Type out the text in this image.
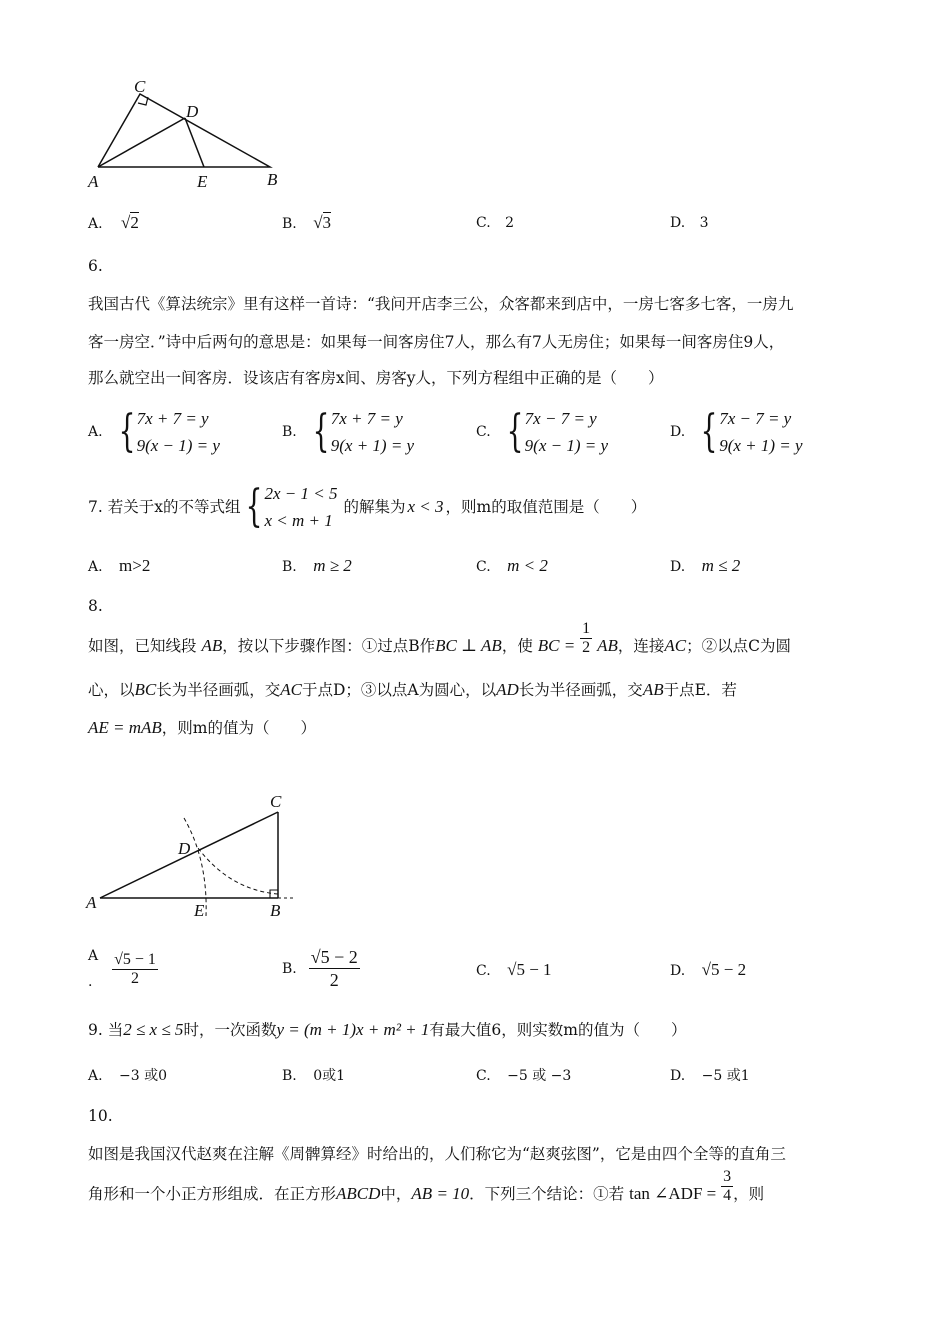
C
D
A	E	B
A. √2	B. √3	C. 2	D. 3
6.
我国古代《算法统宗》里有这样一首诗：“我问开店李三公，众客都来到店中，一房七客多七客，一房九
客一房空．”诗中后两句的意思是：如果每一间客房住7人，那么有7人无房住；如果每一间客房住9人，
那么就空出一间客房．设该店有客房x间、房客y人，下列方程组中正确的是（　　）
A. { 7x + 7 = y
9(x − 1) = y
B. { 7x + 7 = y
9(x + 1) = y
C. { 7x − 7 = y
9(x − 1) = y
D. { 7x − 7 = y
9(x + 1) = y
7. 若关于x的不等式组 { 2x − 1 < 5
x < m + 1
的解集为 x < 3 ，则m的取值范围是（　　）
A. m>2	B. m ≥ 2	C. m < 2	D. m ≤ 2
8.
如图，已知线段 AB，按以下步骤作图：①过点B作BC ⊥ AB，使 BC = $\frac{1}{2}$ AB，连接AC；②以点C为圆
心，以BC长为半径画弧，交AC于点D；③以点A为圆心，以AD长为半径画弧，交AB于点E．若
AE = mAB，则m的值为（　　）
C
D
A	E	B
A
.	$\frac{√5 - 1}{2}$	B. $\frac{√5 - 2}{2}$	C. √5 − 1	D. √5 − 2
9. 当2 ≤ x ≤ 5时，一次函数y = (m + 1)x + m² + 1有最大值6，则实数m的值为（　　）
A. −3 或0	B. 0或1	C. −5 或 −3	D. −5 或1
10.
如图是我国汉代赵爽在注解《周髀算经》时给出的，人们称它为“赵爽弦图”，它是由四个全等的直角三
角形和一个小正方形组成．在正方形ABCD中，AB = 10．下列三个结论：①若 tan ∠ADF = $\frac{3}{4}$ ，则
